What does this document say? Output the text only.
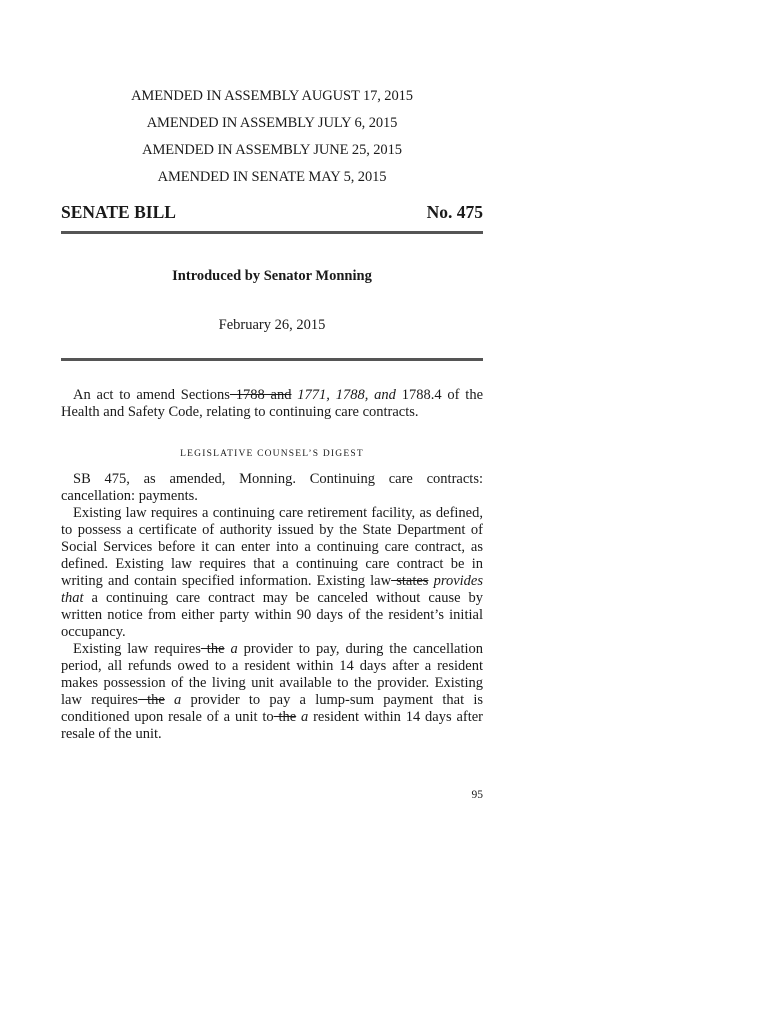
AMENDED IN ASSEMBLY AUGUST 17, 2015
AMENDED IN ASSEMBLY JULY 6, 2015
AMENDED IN ASSEMBLY JUNE 25, 2015
AMENDED IN SENATE MAY 5, 2015
SENATE BILL	No. 475
Introduced by Senator Monning
February 26, 2015

An act to amend Sections 1788 and 1771, 1788, and 1788.4 of the Health and Safety Code, relating to continuing care contracts.

LEGISLATIVE COUNSEL’S DIGEST

SB 475, as amended, Monning. Continuing care contracts: cancellation: payments.

Existing law requires a continuing care retirement facility, as defined, to possess a certificate of authority issued by the State Department of Social Services before it can enter into a continuing care contract, as defined. Existing law requires that a continuing care contract be in writing and contain specified information. Existing law states provides that a continuing care contract may be canceled without cause by written notice from either party within 90 days of the resident’s initial occupancy.

Existing law requires the a provider to pay, during the cancellation period, all refunds owed to a resident within 14 days after a resident makes possession of the living unit available to the provider. Existing law requires the a provider to pay a lump-sum payment that is conditioned upon resale of a unit to the a resident within 14 days after resale of the unit.

95
